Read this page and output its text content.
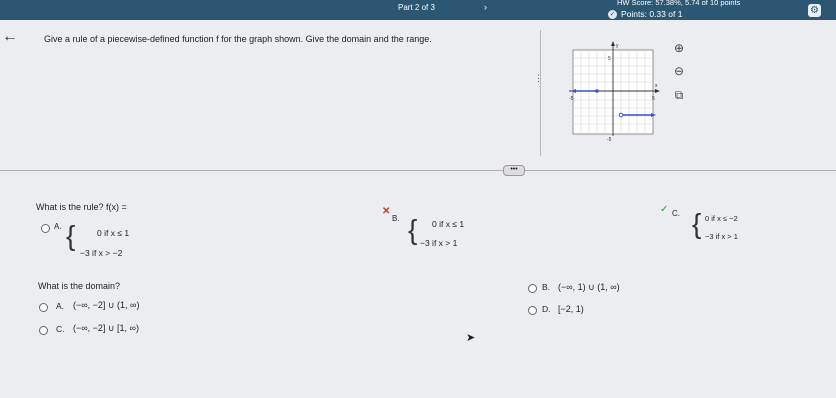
Part 2 of 3	›	HW Score: 57.38%, 5.74 of 10 points
✓ Points: 0.33 of 1	⚙
←	Give a rule of a piecewise-defined function f for the graph shown. Give the domain and the range.
y
x
5
-5	5
-5
⊕
⊖
⧉
⋮
•••
What is the rule? f(x) =
A. {	0 if x ≤ 1
−3 if x > −2
✕
B. { 0 if x ≤ 1
−3 if x > 1
✓ C. { 0 if x ≤ −2
−3 if x > 1
What is the domain?
A. (−∞, −2] ∪ (1, ∞)
B. (−∞, 1) ∪ (1, ∞)
C. (−∞, −2] ∪ [1, ∞)
D. [−2, 1)
➤
